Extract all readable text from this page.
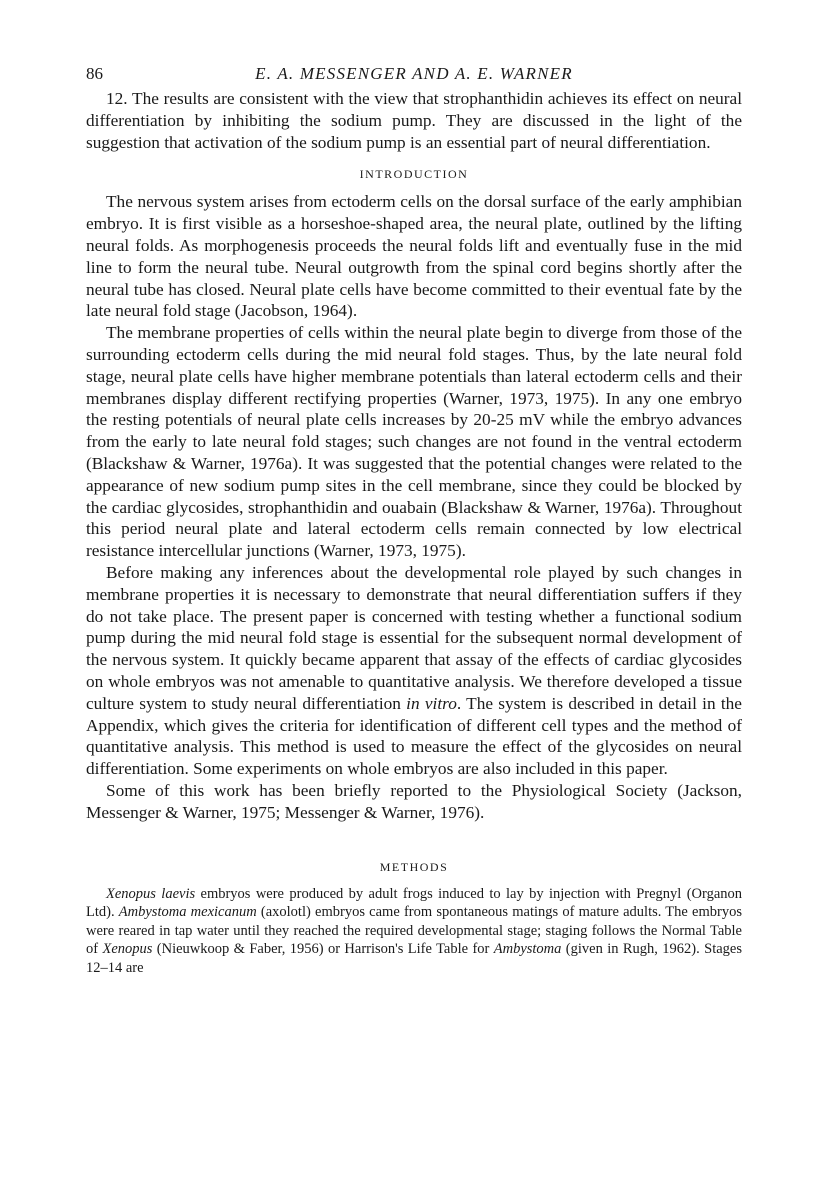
86	E. A. MESSENGER AND A. E. WARNER

12. The results are consistent with the view that strophanthidin achieves its effect on neural differentiation by inhibiting the sodium pump. They are discussed in the light of the suggestion that activation of the sodium pump is an essential part of neural differentiation.

INTRODUCTION

The nervous system arises from ectoderm cells on the dorsal surface of the early amphibian embryo. It is first visible as a horseshoe-shaped area, the neural plate, outlined by the lifting neural folds. As morphogenesis proceeds the neural folds lift and eventually fuse in the mid line to form the neural tube. Neural outgrowth from the spinal cord begins shortly after the neural tube has closed. Neural plate cells have become committed to their eventual fate by the late neural fold stage (Jacobson, 1964).

The membrane properties of cells within the neural plate begin to diverge from those of the surrounding ectoderm cells during the mid neural fold stages. Thus, by the late neural fold stage, neural plate cells have higher membrane potentials than lateral ectoderm cells and their membranes display different rectifying properties (Warner, 1973, 1975). In any one embryo the resting potentials of neural plate cells increases by 20-25 mV while the embryo advances from the early to late neural fold stages; such changes are not found in the ventral ectoderm (Blackshaw & Warner, 1976a). It was suggested that the potential changes were related to the appearance of new sodium pump sites in the cell membrane, since they could be blocked by the cardiac glycosides, strophanthidin and ouabain (Blackshaw & Warner, 1976a). Throughout this period neural plate and lateral ectoderm cells remain connected by low electrical resistance intercellular junctions (Warner, 1973, 1975).

Before making any inferences about the developmental role played by such changes in membrane properties it is necessary to demonstrate that neural differentiation suffers if they do not take place. The present paper is concerned with testing whether a functional sodium pump during the mid neural fold stage is essential for the subsequent normal development of the nervous system. It quickly became apparent that assay of the effects of cardiac glycosides on whole embryos was not amenable to quantitative analysis. We therefore developed a tissue culture system to study neural differentiation in vitro. The system is described in detail in the Appendix, which gives the criteria for identification of different cell types and the method of quantitative analysis. This method is used to measure the effect of the glycosides on neural differentiation. Some experiments on whole embryos are also included in this paper.

Some of this work has been briefly reported to the Physiological Society (Jackson, Messenger & Warner, 1975; Messenger & Warner, 1976).

METHODS

Xenopus laevis embryos were produced by adult frogs induced to lay by injection with Pregnyl (Organon Ltd). Ambystoma mexicanum (axolotl) embryos came from spontaneous matings of mature adults. The embryos were reared in tap water until they reached the required developmental stage; staging follows the Normal Table of Xenopus (Nieuwkoop & Faber, 1956) or Harrison's Life Table for Ambystoma (given in Rugh, 1962). Stages 12–14 are
